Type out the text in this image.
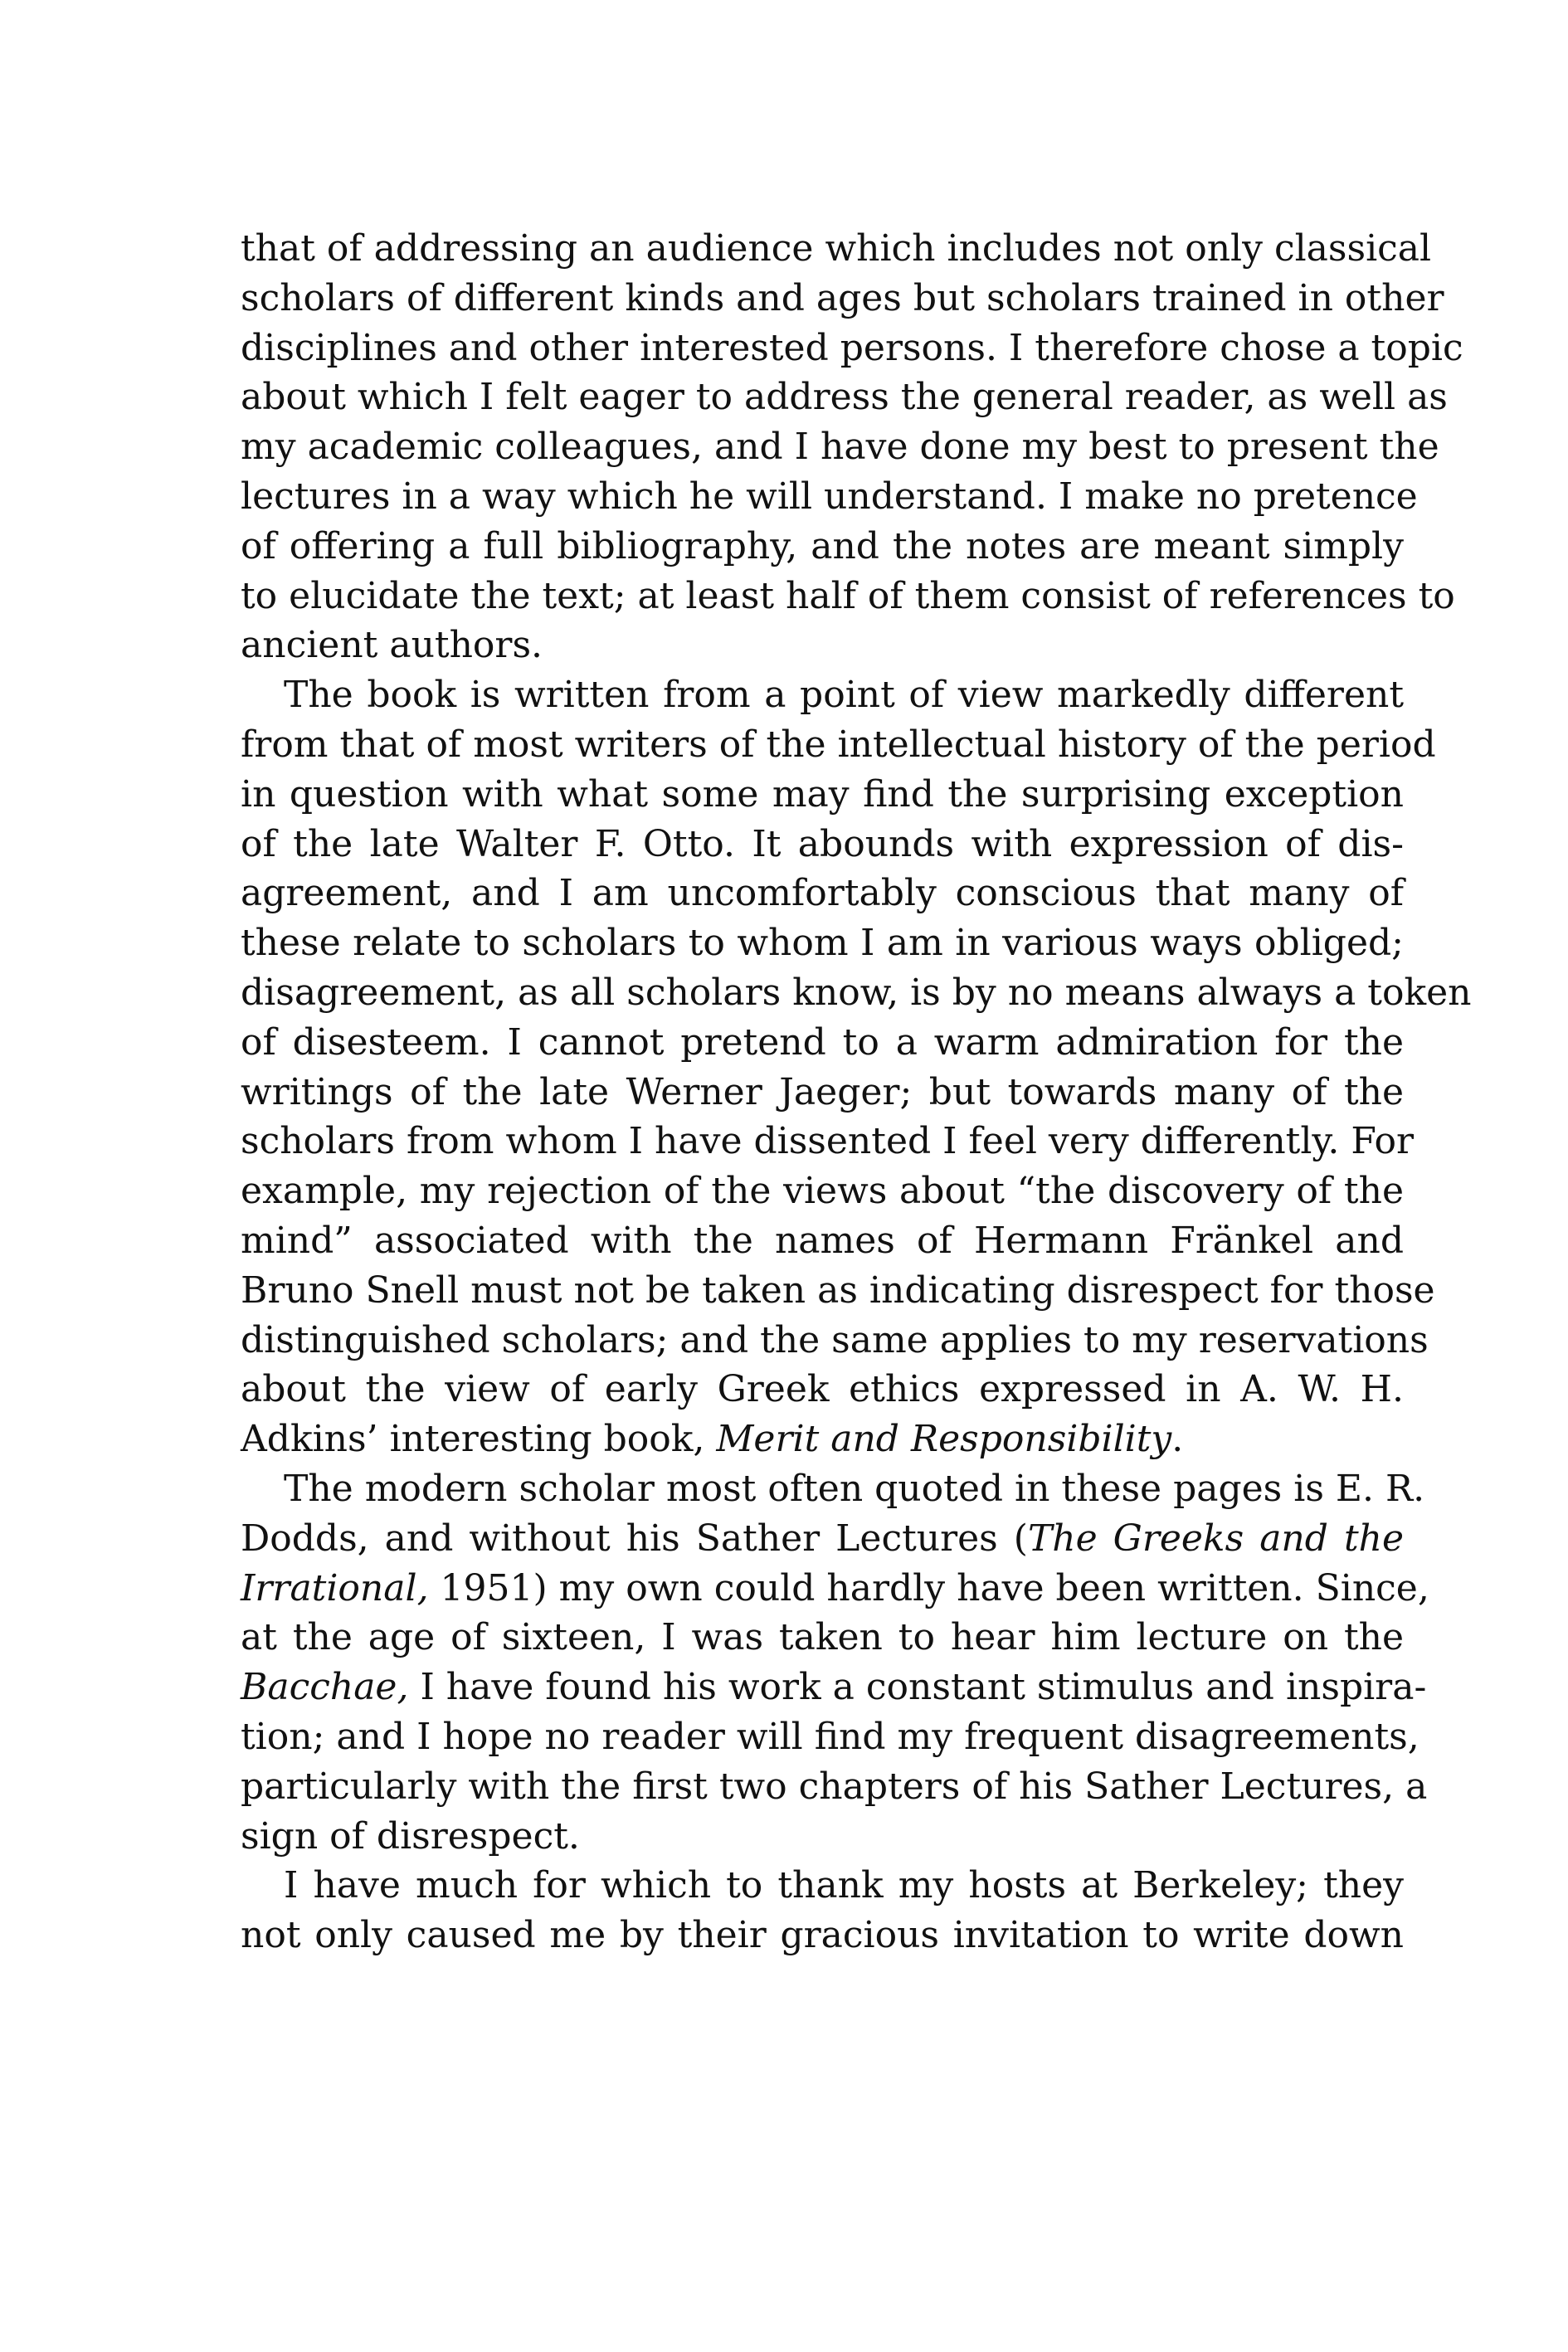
that of addressing an audience which includes not only classical
scholars of different kinds and ages but scholars trained in other
disciplines and other interested persons. I therefore chose a topic
about which I felt eager to address the general reader, as well as
my academic colleagues, and I have done my best to present the
lectures in a way which he will understand. I make no pretence
of offering a full bibliography, and the notes are meant simply
to elucidate the text; at least half of them consist of references to
ancient authors.
The book is written from a point of view markedly different
from that of most writers of the intellectual history of the period
in question with what some may find the surprising exception
of the late Walter F. Otto. It abounds with expression of dis-
agreement, and I am uncomfortably conscious that many of
these relate to scholars to whom I am in various ways obliged;
disagreement, as all scholars know, is by no means always a token
of disesteem. I cannot pretend to a warm admiration for the
writings of the late Werner Jaeger; but towards many of the
scholars from whom I have dissented I feel very differently. For
example, my rejection of the views about “the discovery of the
mind” associated with the names of Hermann Fränkel and
Bruno Snell must not be taken as indicating disrespect for those
distinguished scholars; and the same applies to my reservations
about the view of early Greek ethics expressed in A. W. H.
Adkins’ interesting book, Merit and Responsibility.
The modern scholar most often quoted in these pages is E. R.
Dodds, and without his Sather Lectures (The Greeks and the
Irrational, 1951) my own could hardly have been written. Since,
at the age of sixteen, I was taken to hear him lecture on the
Bacchae, I have found his work a constant stimulus and inspira-
tion; and I hope no reader will find my frequent disagreements,
particularly with the first two chapters of his Sather Lectures, a
sign of disrespect.
I have much for which to thank my hosts at Berkeley; they
not only caused me by their gracious invitation to write down
